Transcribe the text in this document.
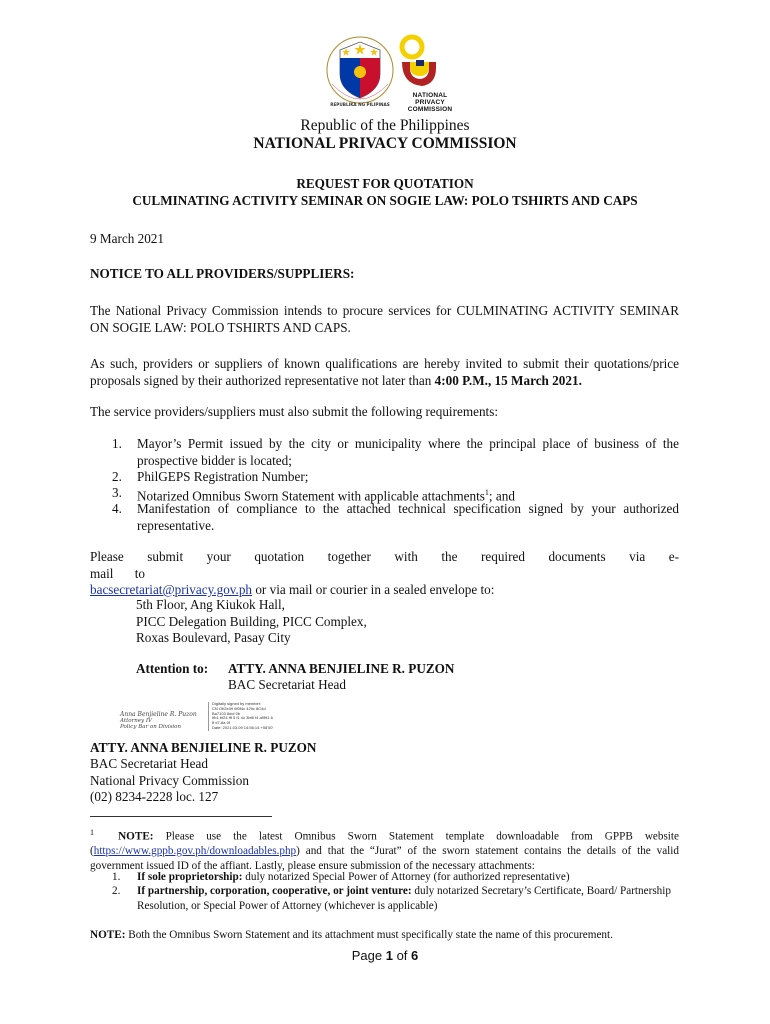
REPUBLIKA NG PILIPINAS
NATIONAL
PRIVACY
COMMISSION
Republic of the Philippines
NATIONAL PRIVACY COMMISSION
REQUEST FOR QUOTATION
CULMINATING ACTIVITY SEMINAR ON SOGIE LAW: POLO TSHIRTS AND CAPS
9 March 2021
NOTICE TO ALL PROVIDERS/SUPPLIERS:
The National Privacy Commission intends to procure services for CULMINATING ACTIVITY SEMINAR ON SOGIE LAW: POLO TSHIRTS AND CAPS.
As such, providers or suppliers of known qualifications are hereby invited to submit their quotations/price proposals signed by their authorized representative not later than 4:00 P.M., 15 March 2021.
The service providers/suppliers must also submit the following requirements:
1. Mayor’s Permit issued by the city or municipality where the principal place of business of the prospective bidder is located;
2. PhilGEPS Registration Number;
3. Notarized Omnibus Sworn Statement with applicable attachments$^1$; and
4. Manifestation of compliance to the attached technical specification signed by your authorized representative.
Please submit your quotation together with the required documents via e-mail to
bacsecretariat@privacy.gov.ph or via mail or courier in a sealed envelope to:
5th Floor, Ang Kiukok Hall,
PICC Delegation Building, PICC Complex,
Roxas Boulevard, Pasay City
Attention to: ATTY. ANNA BENJIELINE R. PUZON
BAC Secretariat Head
Anna Benjieline R. Puzon
Attorney IV
Policy Bar on Division
Digitally signed by member:
CN Of/2e39 6f0f4c 429c 8C4d
Ba7103 8dcf 0b
Ifb1 bf24 fff 5 f1 4c 3bf8 f4 a9f91 6
ff d7-8a 0f
Date: 2021.03.09 14:56:14 +08'00'
ATTY. ANNA BENJIELINE R. PUZON
BAC Secretariat Head
National Privacy Commission
(02) 8234-2228 loc. 127
$^1$ NOTE: Please use the latest Omnibus Sworn Statement template downloadable from GPPB website (https://www.gppb.gov.ph/downloadables.php) and that the “Jurat” of the sworn statement contains the details of the valid government issued ID of the affiant. Lastly, please ensure submission of the necessary attachments:
1. If sole proprietorship: duly notarized Special Power of Attorney (for authorized representative)
2. If partnership, corporation, cooperative, or joint venture: duly notarized Secretary’s Certificate, Board/ Partnership Resolution, or Special Power of Attorney (whichever is applicable)
NOTE: Both the Omnibus Sworn Statement and its attachment must specifically state the name of this procurement.
Page 1 of 6
